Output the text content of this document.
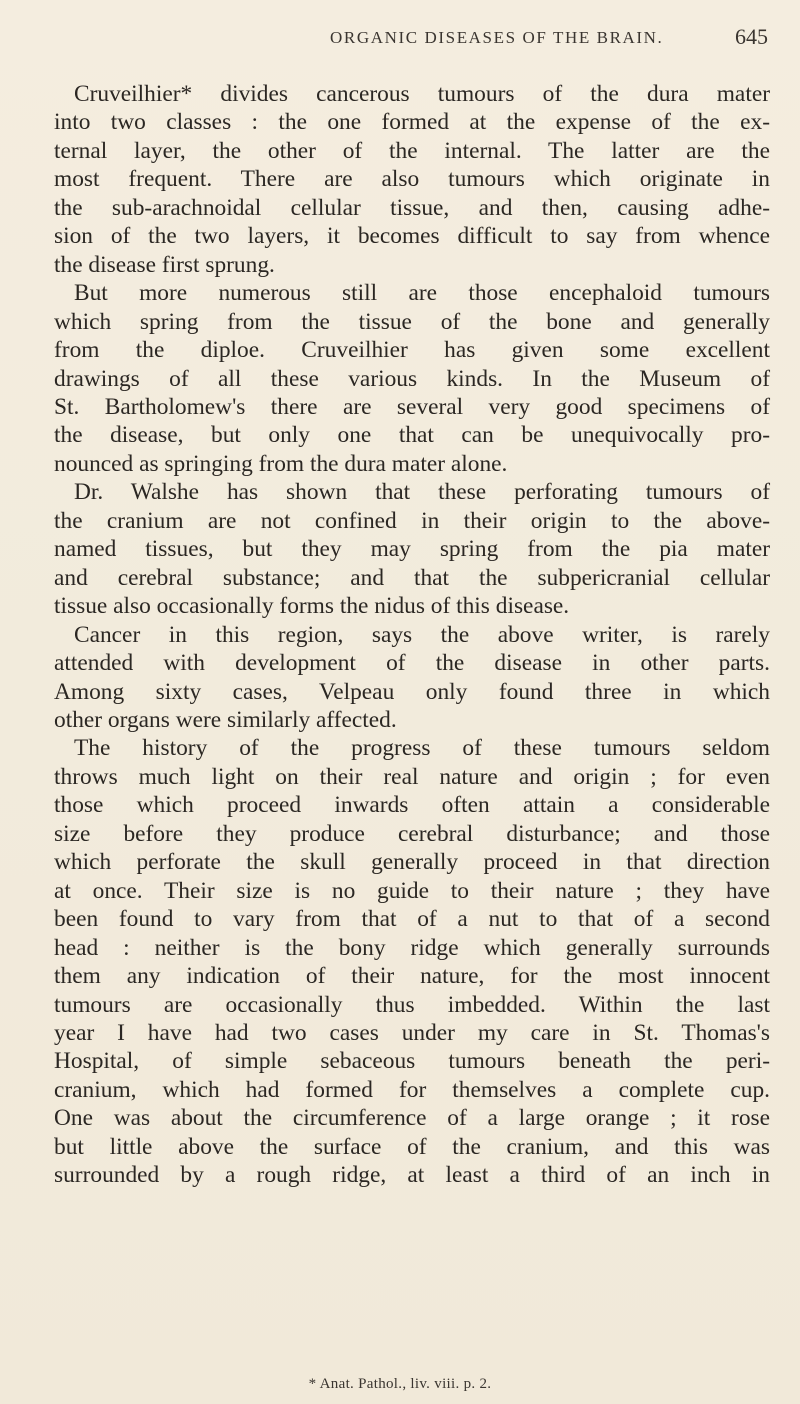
ORGANIC DISEASES OF THE BRAIN.	645

Cruveilhier* divides cancerous tumours of the dura mater
into two classes : the one formed at the expense of the ex-
ternal layer, the other of the internal. The latter are the
most frequent. There are also tumours which originate in
the sub-arachnoidal cellular tissue, and then, causing adhe-
sion of the two layers, it becomes difficult to say from whence
the disease first sprung.

But more numerous still are those encephaloid tumours
which spring from the tissue of the bone and generally
from the diploe. Cruveilhier has given some excellent
drawings of all these various kinds. In the Museum of
St. Bartholomew's there are several very good specimens of
the disease, but only one that can be unequivocally pro-
nounced as springing from the dura mater alone.

Dr. Walshe has shown that these perforating tumours of
the cranium are not confined in their origin to the above-
named tissues, but they may spring from the pia mater
and cerebral substance; and that the subpericranial cellular
tissue also occasionally forms the nidus of this disease.

Cancer in this region, says the above writer, is rarely
attended with development of the disease in other parts.
Among sixty cases, Velpeau only found three in which
other organs were similarly affected.

The history of the progress of these tumours seldom
throws much light on their real nature and origin ; for even
those which proceed inwards often attain a considerable
size before they produce cerebral disturbance; and those
which perforate the skull generally proceed in that direction
at once. Their size is no guide to their nature ; they have
been found to vary from that of a nut to that of a second
head : neither is the bony ridge which generally surrounds
them any indication of their nature, for the most innocent
tumours are occasionally thus imbedded. Within the last
year I have had two cases under my care in St. Thomas's
Hospital, of simple sebaceous tumours beneath the peri-
cranium, which had formed for themselves a complete cup.
One was about the circumference of a large orange ; it rose
but little above the surface of the cranium, and this was
surrounded by a rough ridge, at least a third of an inch in

* Anat. Pathol., liv. viii. p. 2.
